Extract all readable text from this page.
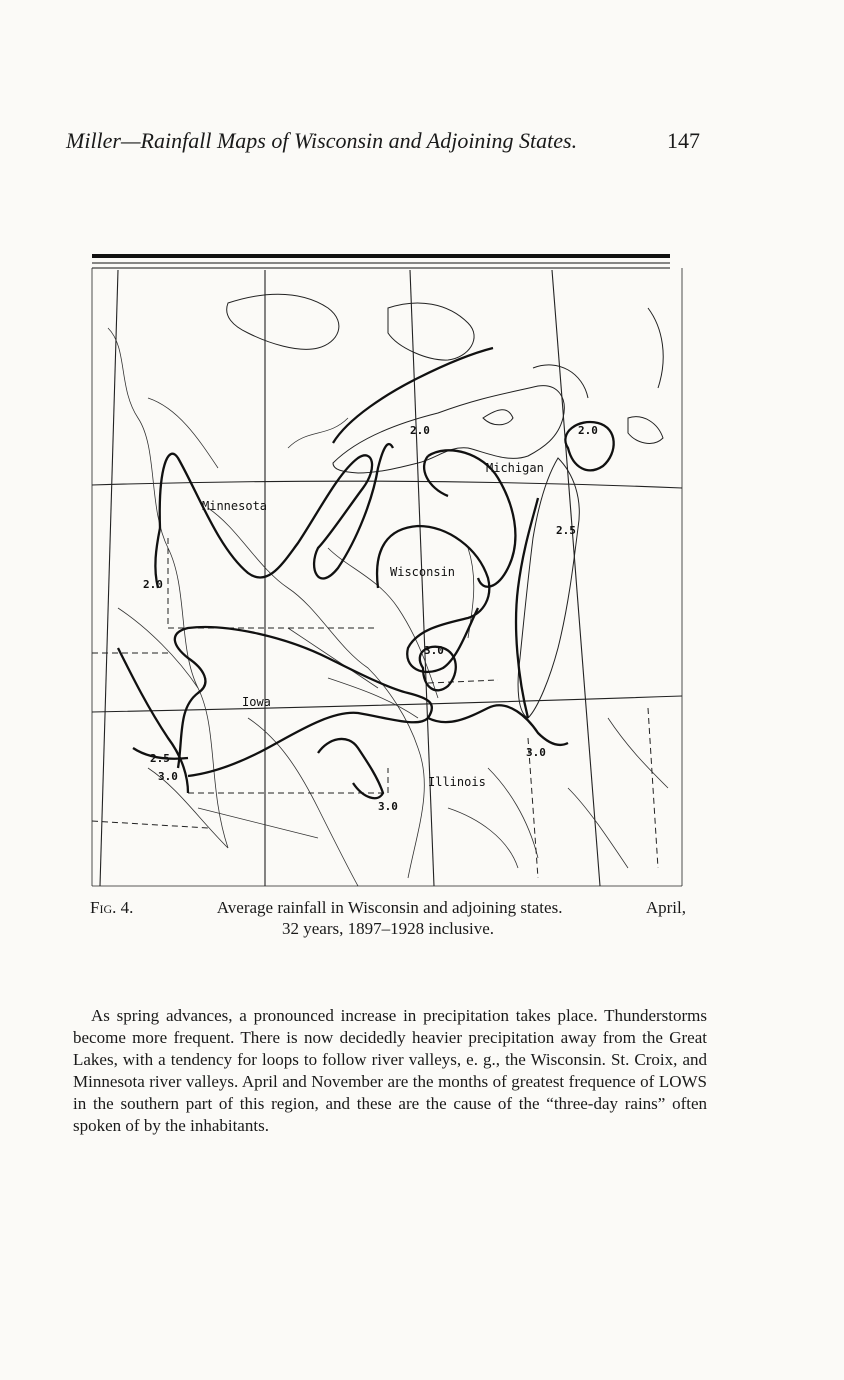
Miller—Rainfall Maps of Wisconsin and Adjoining States.	147
Minnesota
Wisconsin
Michigan
Iowa
Illinois
2.0	2.0
2.0
2.5
2.5
3.0
3.0
3.0
3.0
Fig. 4.	Average rainfall in Wisconsin and adjoining states.	April,
32 years, 1897–1928 inclusive.

As spring advances, a pronounced increase in precipitation takes place. Thunderstorms become more frequent. There is now decidedly heavier precipitation away from the Great Lakes, with a tendency for loops to follow river valleys, e. g., the Wisconsin. St. Croix, and Minnesota river valleys. April and November are the months of greatest frequence of LOWS in the southern part of this region, and these are the cause of the “three-day rains” often spoken of by the inhabitants.
